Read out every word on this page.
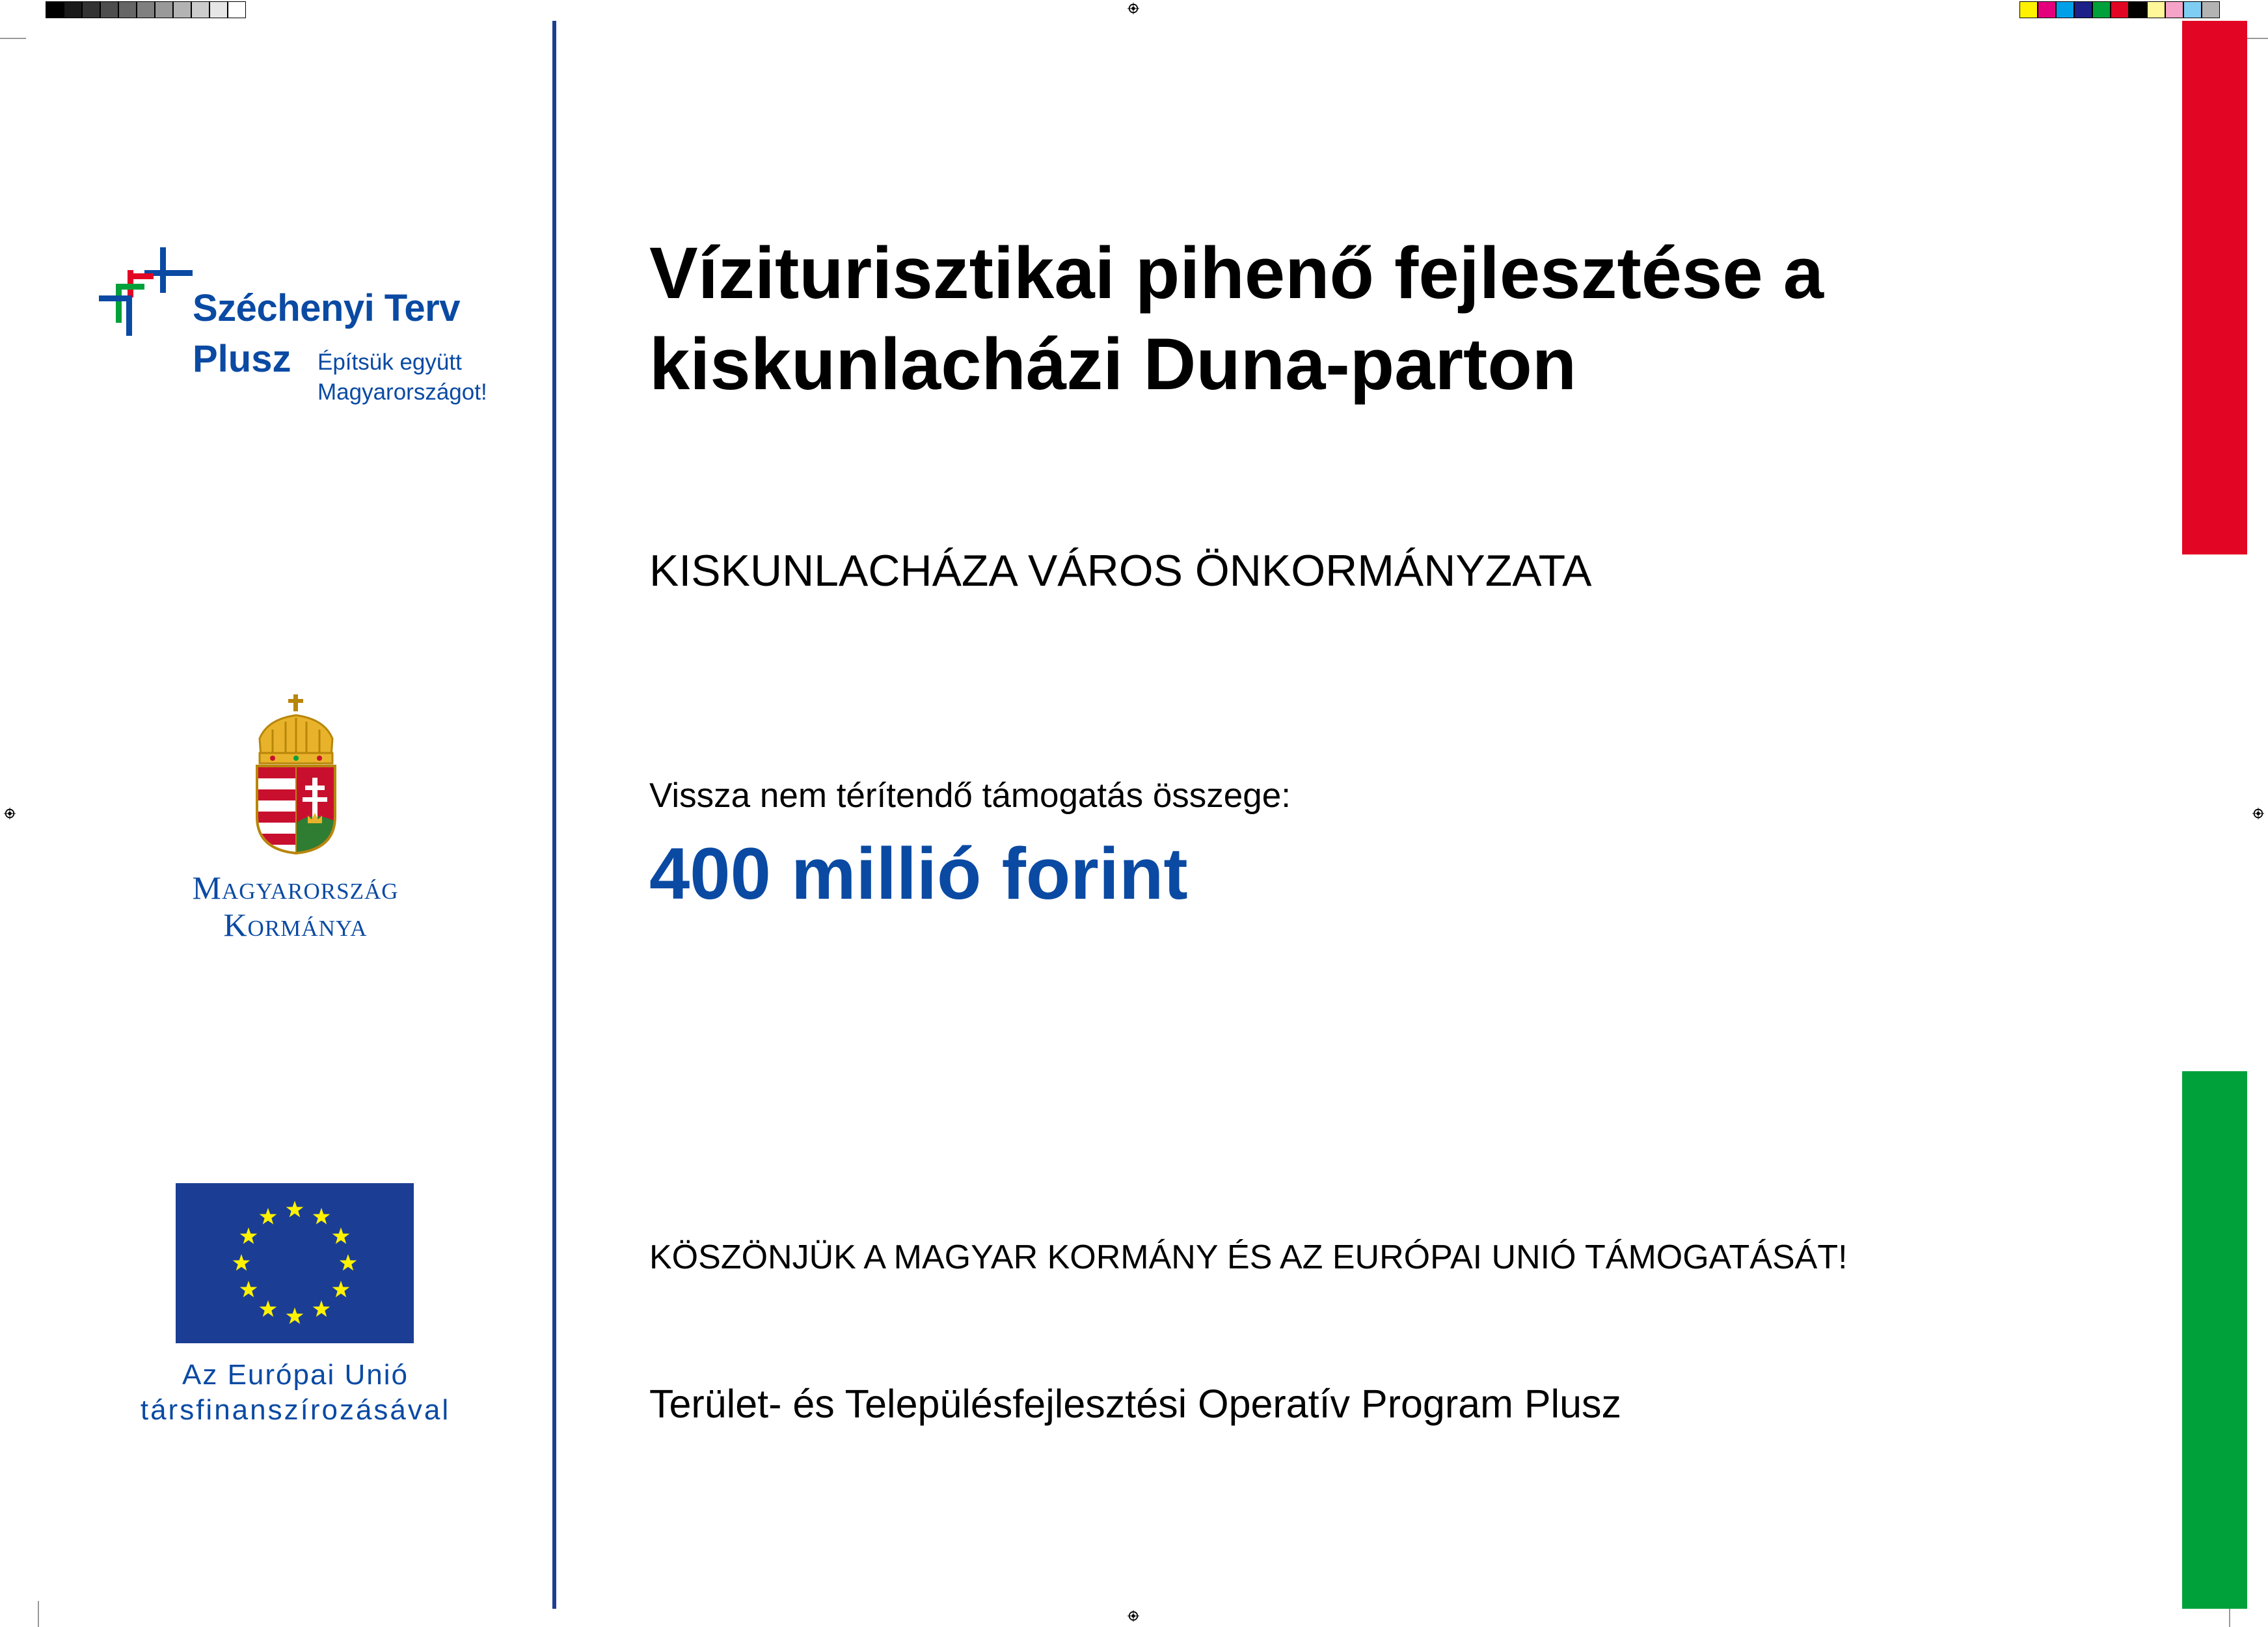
Széchenyi Terv
Plusz Építsük együtt
Magyarországot!
Magyarország
Kormánya
Az Európai Unió
társfinanszírozásával
Víziturisztikai pihenő fejlesztése a
kiskunlacházi Duna-parton
KISKUNLACHÁZA VÁROS ÖNKORMÁNYZATA
Vissza nem térítendő támogatás összege:
400 millió forint
KÖSZÖNJÜK A MAGYAR KORMÁNY ÉS AZ EURÓPAI UNIÓ TÁMOGATÁSÁT!
Terület- és Településfejlesztési Operatív Program Plusz
